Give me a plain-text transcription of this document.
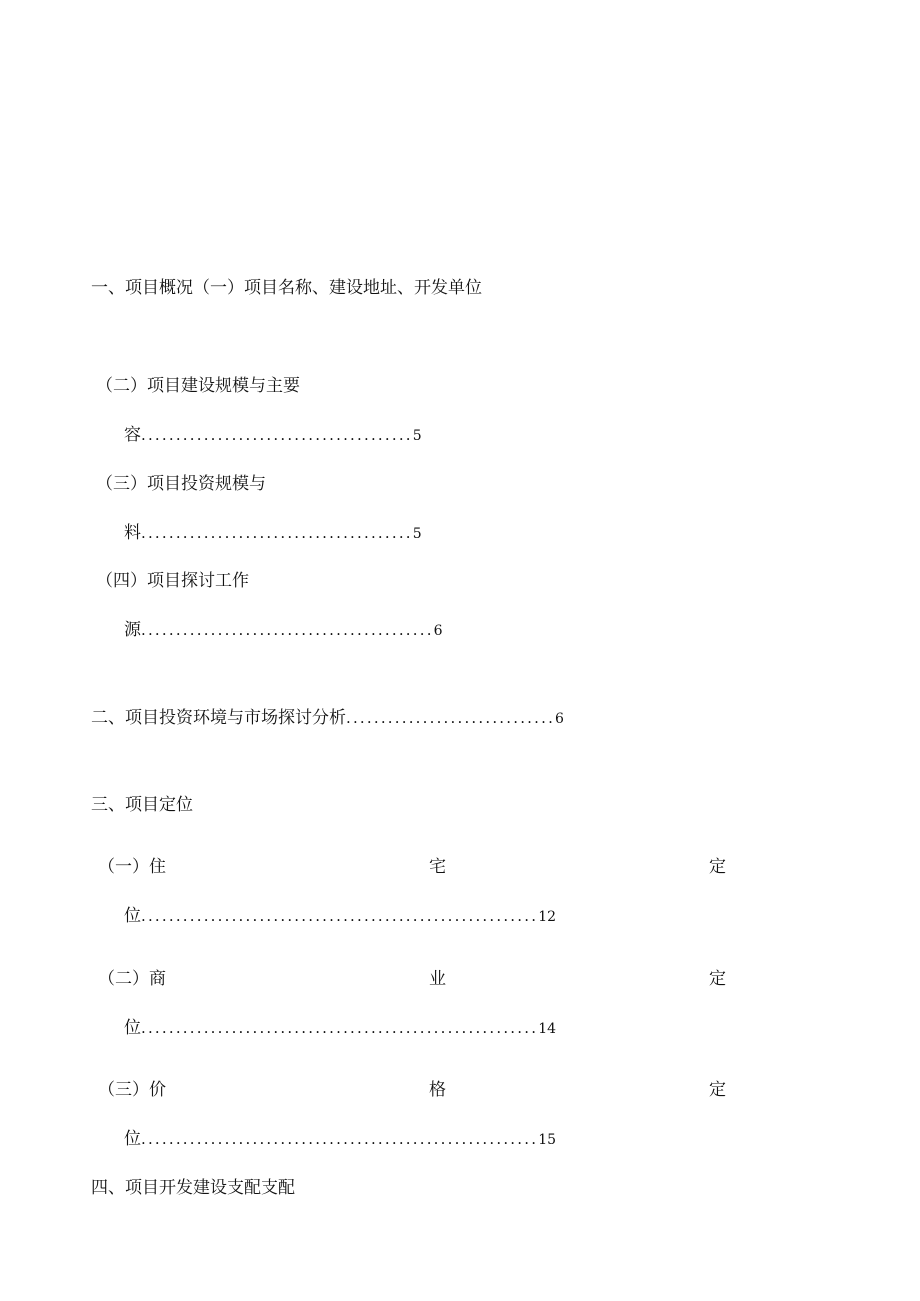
一、项目概况（一）项目名称、建设地址、开发单位
（二）项目建设规模与主要
容.......................................5
（三）项目投资规模与
料.......................................5
（四）项目探讨工作
源..........................................6
二、项目投资环境与市场探讨分析..............................6
三、项目定位
（一）住	宅	定
位.........................................................12
（二）商	业	定
位.........................................................14
（三）价	格	定
位.........................................................15
四、项目开发建设支配支配
